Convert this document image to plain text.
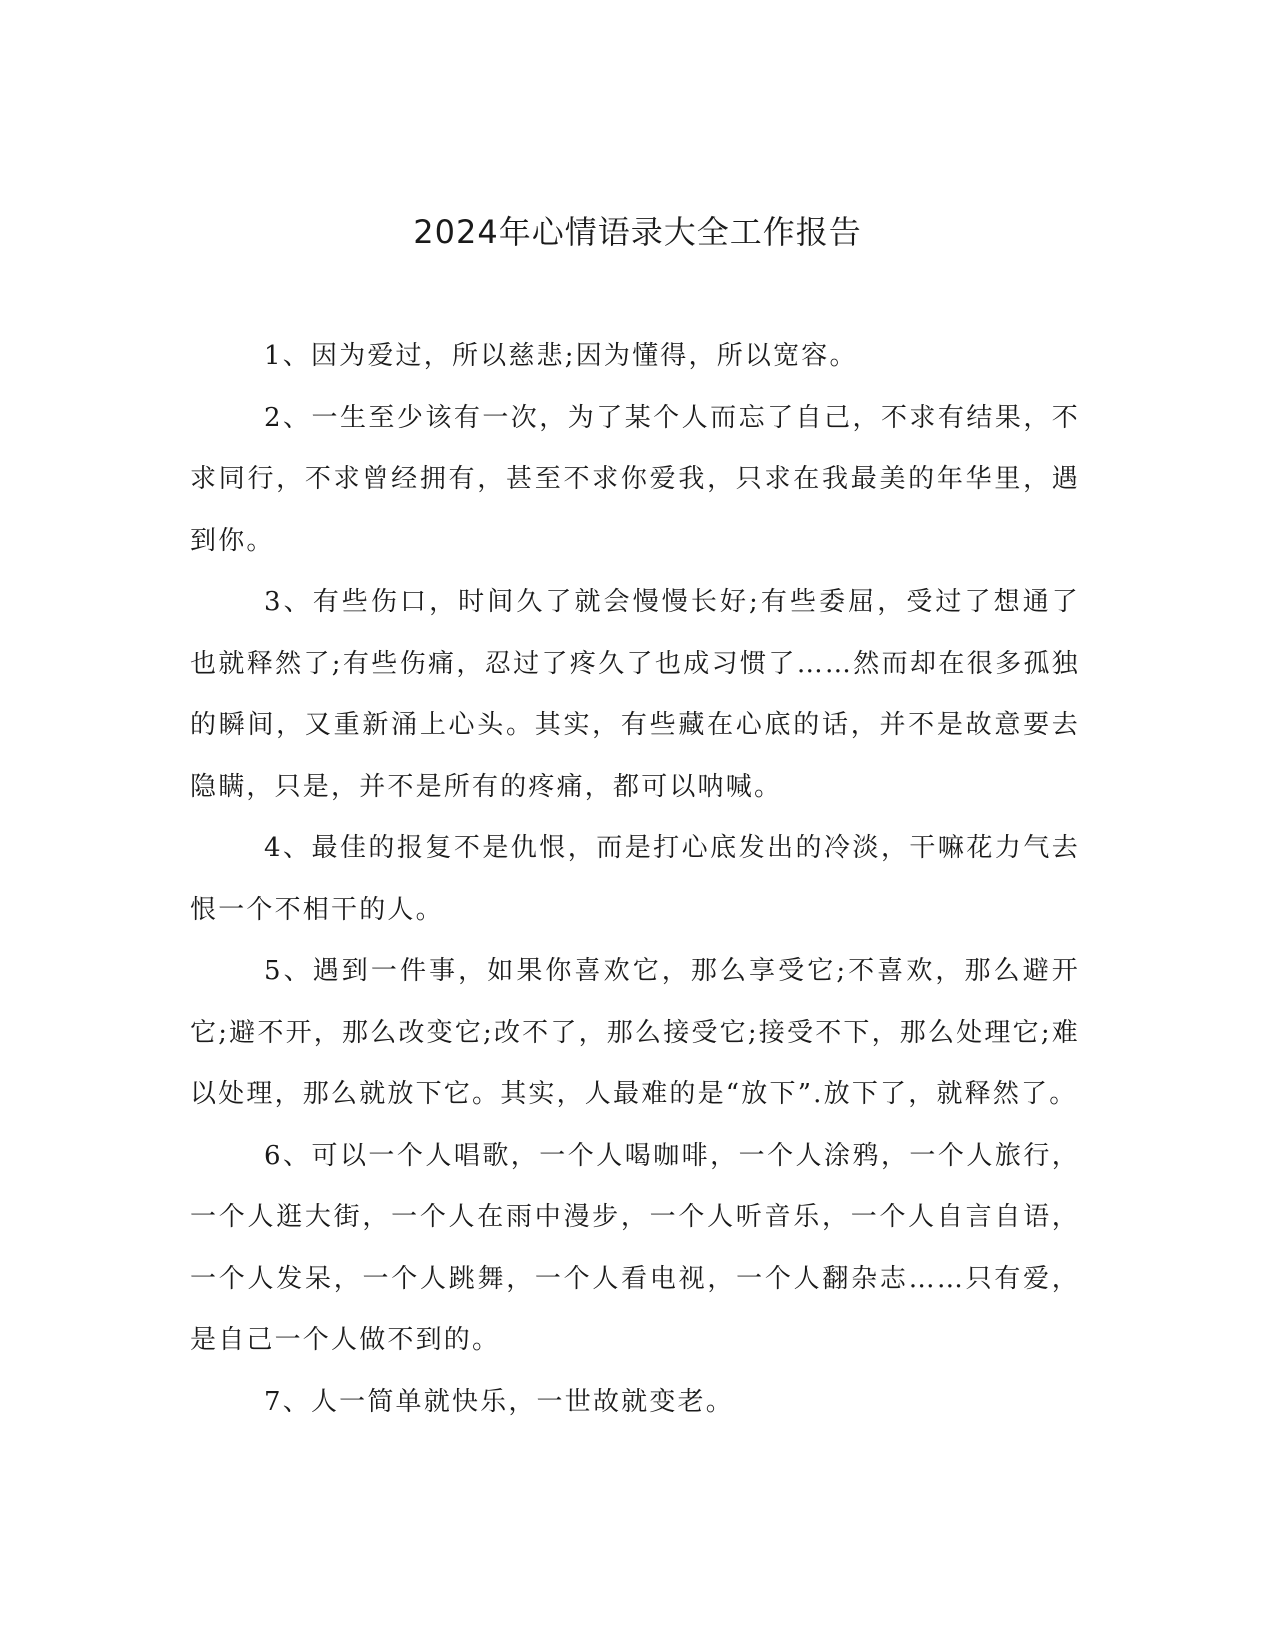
2024年心情语录大全工作报告

1、因为爱过，所以慈悲;因为懂得，所以宽容。

2、一生至少该有一次，为了某个人而忘了自己，不求有结果，不求同行，不求曾经拥有，甚至不求你爱我，只求在我最美的年华里，遇到你。

3、有些伤口，时间久了就会慢慢长好;有些委屈，受过了想通了也就释然了;有些伤痛，忍过了疼久了也成习惯了……然而却在很多孤独的瞬间，又重新涌上心头。其实，有些藏在心底的话，并不是故意要去隐瞒，只是，并不是所有的疼痛，都可以呐喊。

4、最佳的报复不是仇恨，而是打心底发出的冷淡，干嘛花力气去恨一个不相干的人。

5、遇到一件事，如果你喜欢它，那么享受它;不喜欢，那么避开它;避不开，那么改变它;改不了，那么接受它;接受不下，那么处理它;难以处理，那么就放下它。其实，人最难的是“放下”.放下了，就释然了。

6、可以一个人唱歌，一个人喝咖啡，一个人涂鸦，一个人旅行，一个人逛大街，一个人在雨中漫步，一个人听音乐，一个人自言自语，一个人发呆，一个人跳舞，一个人看电视，一个人翻杂志……只有爱，是自己一个人做不到的。

7、人一简单就快乐，一世故就变老。
